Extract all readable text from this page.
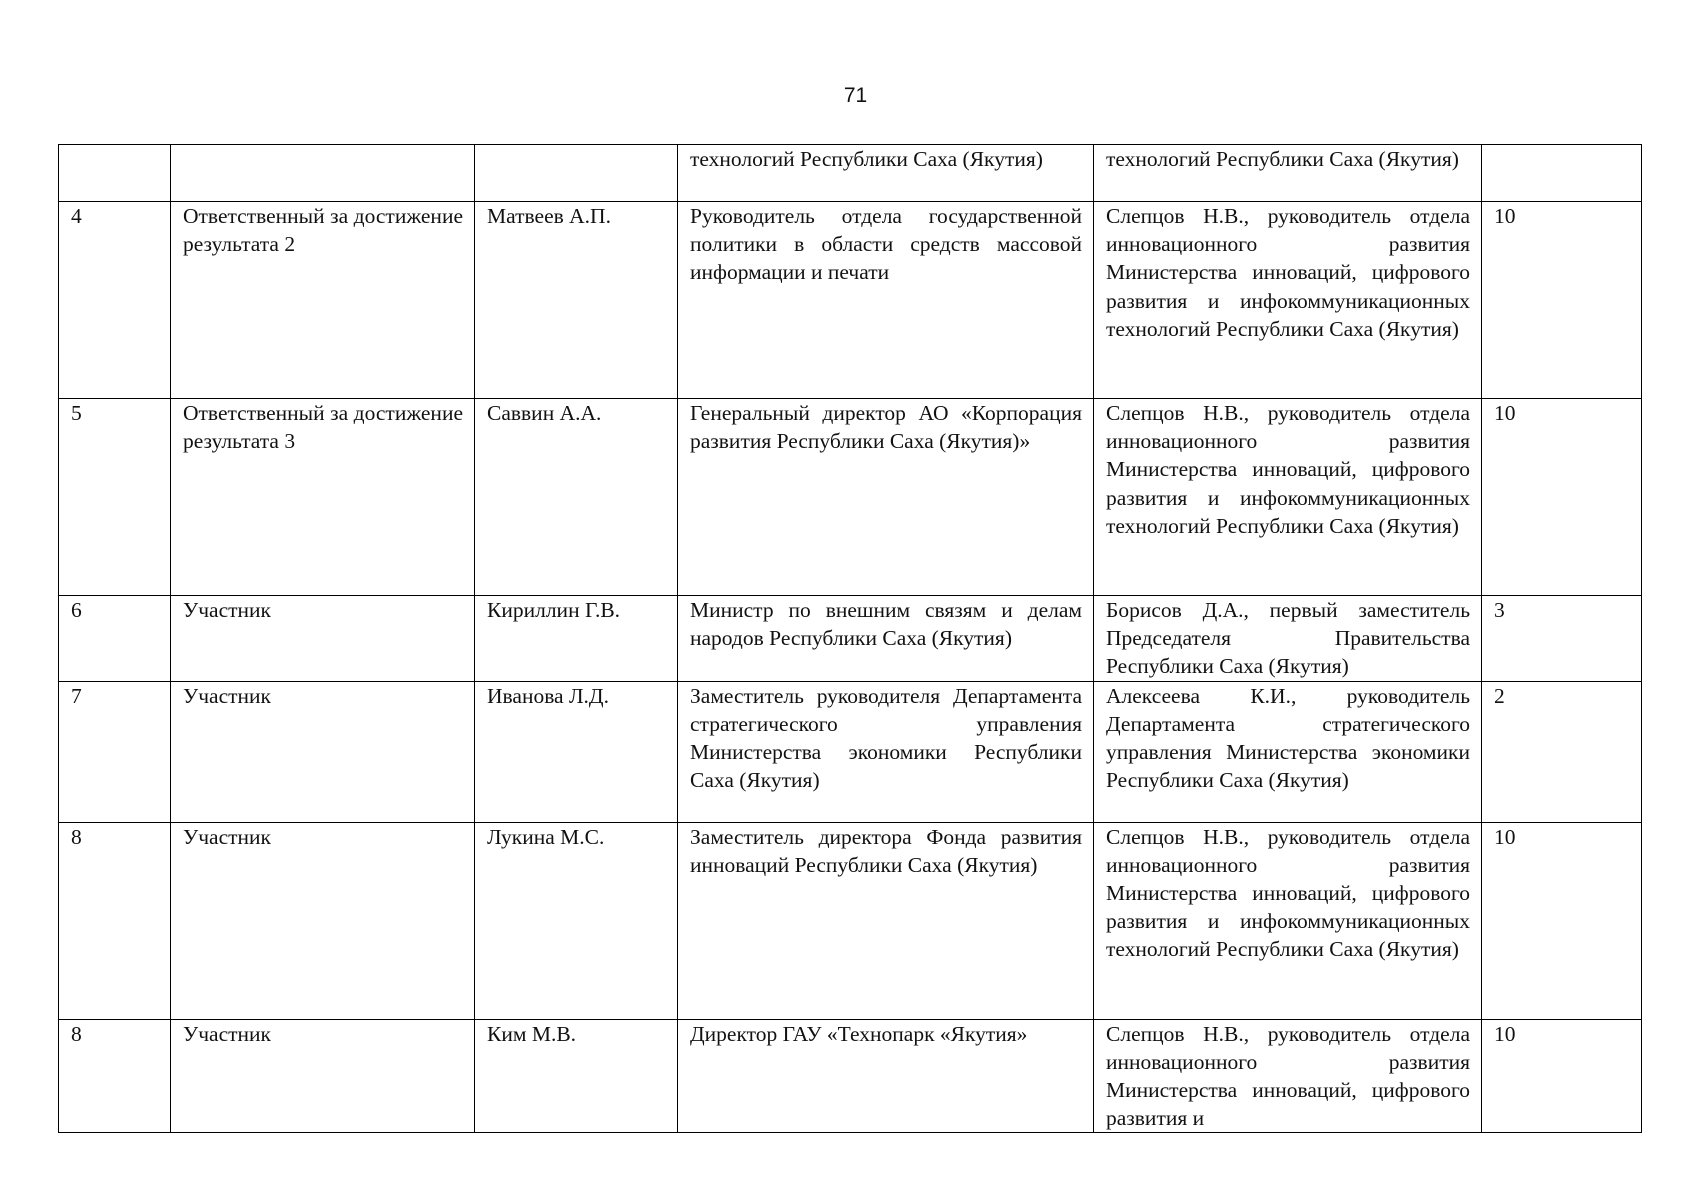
71
			технологий Республики Саха (Якутия)	технологий Республики Саха (Якутия)	
4	Ответственный за достижение результата 2	Матвеев А.П.	Руководитель отдела государственной политики в области средств массовой информации и печати	Слепцов Н.В., руководитель отдела инновационного развития Министерства инноваций, цифрового развития и инфокоммуникационных технологий Республики Саха (Якутия)	10
5	Ответственный за достижение результата 3	Саввин А.А.	Генеральный директор АО «Корпорация развития Республики Саха (Якутия)»	Слепцов Н.В., руководитель отдела инновационного развития Министерства инноваций, цифрового развития и инфокоммуникационных технологий Республики Саха (Якутия)	10
6	Участник	Кириллин Г.В.	Министр по внешним связям и делам народов Республики Саха (Якутия)	Борисов Д.А., первый заместитель Председателя Правительства Республики Саха (Якутия)	3
7	Участник	Иванова Л.Д.	Заместитель руководителя Департамента стратегического управления Министерства экономики Республики Саха (Якутия)	Алексеева К.И., руководитель Департамента стратегического управления Министерства экономики Республики Саха (Якутия)	2
8	Участник	Лукина М.С.	Заместитель директора Фонда развития инноваций Республики Саха (Якутия)	Слепцов Н.В., руководитель отдела инновационного развития Министерства инноваций, цифрового развития и инфокоммуникационных технологий Республики Саха (Якутия)	10
8	Участник	Ким М.В.	Директор ГАУ «Технопарк «Якутия»	Слепцов Н.В., руководитель отдела инновационного развития Министерства инноваций, цифрового развития и	10
